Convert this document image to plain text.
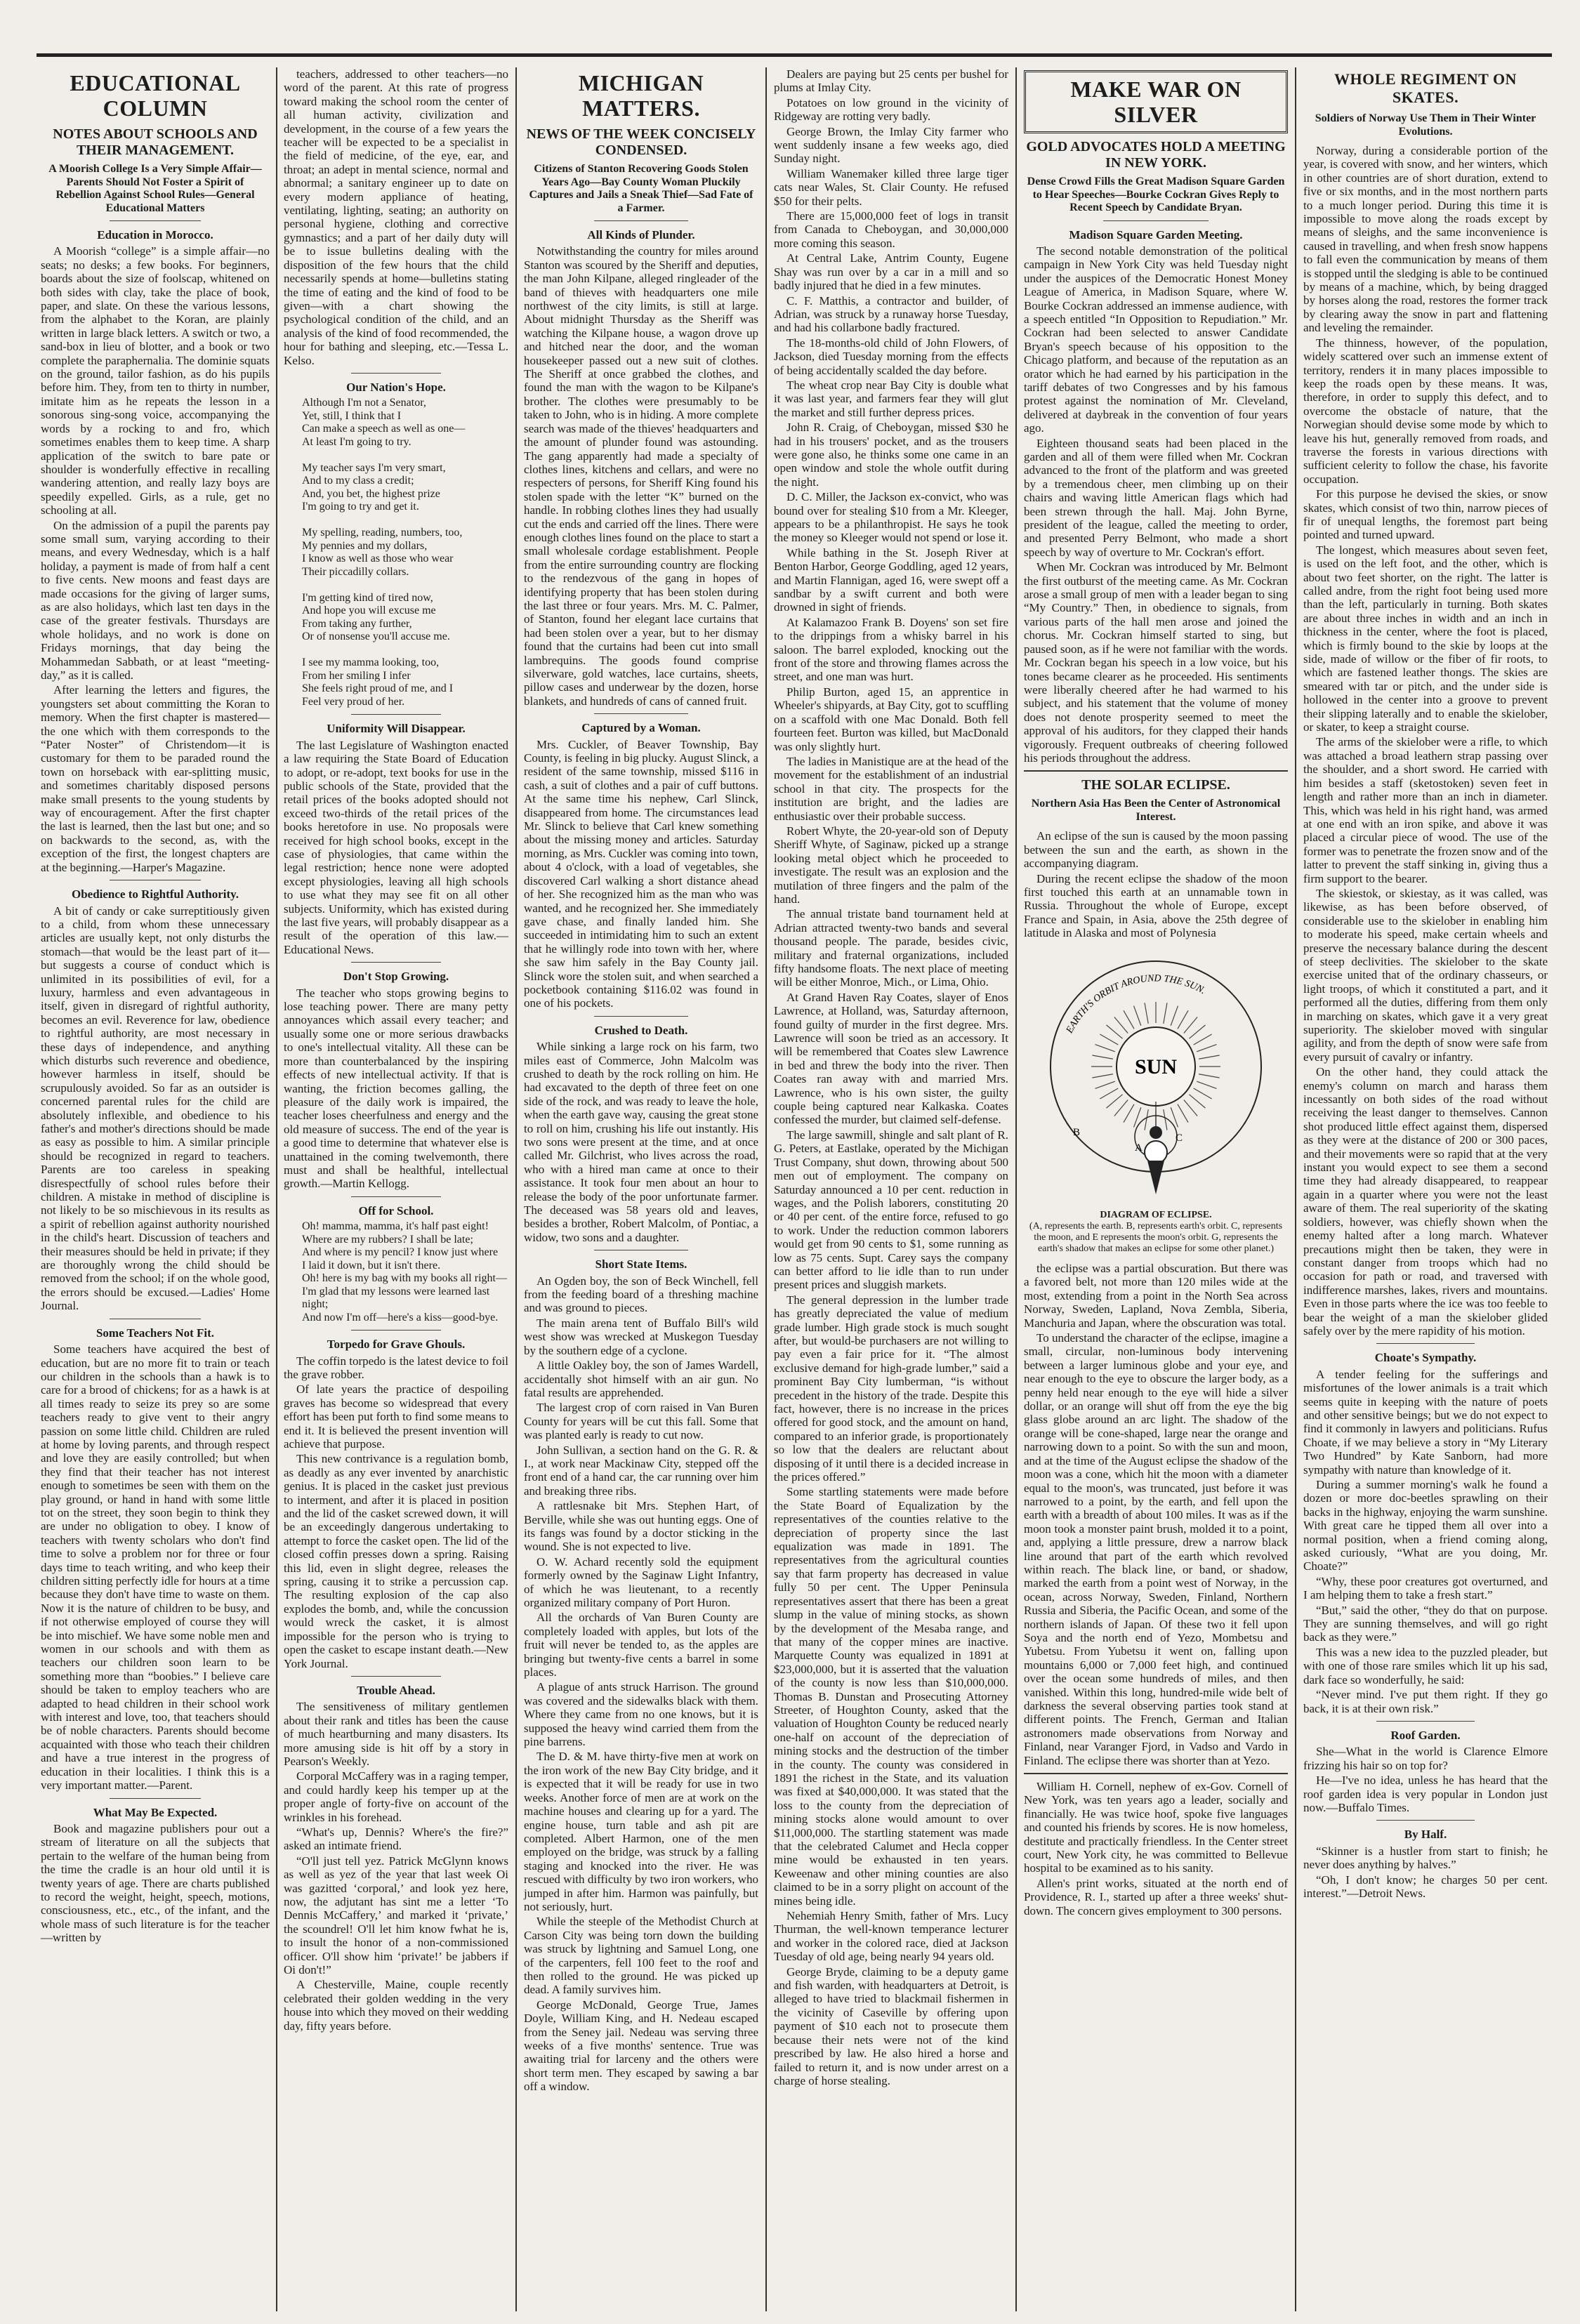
EDUCATIONAL COLUMN
NOTES ABOUT SCHOOLS AND THEIR MANAGEMENT.
A Moorish College Is a Very Simple Affair—Parents Should Not Foster a Spirit of Rebellion Against School Rules—General Educational Matters
Education in Morocco.

A Moorish “college” is a simple affair—no seats; no desks; a few books. For beginners, boards about the size of foolscap, whitened on both sides with clay, take the place of book, paper, and slate. On these the various lessons, from the alphabet to the Koran, are plainly written in large black letters. A switch or two, a sand-box in lieu of blotter, and a book or two complete the paraphernalia. The dominie squats on the ground, tailor fashion, as do his pupils before him. They, from ten to thirty in number, imitate him as he repeats the lesson in a sonorous sing-song voice, accompanying the words by a rocking to and fro, which sometimes enables them to keep time. A sharp application of the switch to bare pate or shoulder is wonderfully effective in recalling wandering attention, and really lazy boys are speedily expelled. Girls, as a rule, get no schooling at all.

On the admission of a pupil the parents pay some small sum, varying according to their means, and every Wednesday, which is a half holiday, a payment is made of from half a cent to five cents. New moons and feast days are made occasions for the giving of larger sums, as are also holidays, which last ten days in the case of the greater festivals. Thursdays are whole holidays, and no work is done on Fridays mornings, that day being the Mohammedan Sabbath, or at least “meeting-day,” as it is called.

After learning the letters and figures, the youngsters set about committing the Koran to memory. When the first chapter is mastered—the one which with them corresponds to the “Pater Noster” of Christendom—it is customary for them to be paraded round the town on horseback with ear-splitting music, and sometimes charitably disposed persons make small presents to the young students by way of encouragement. After the first chapter the last is learned, then the last but one; and so on backwards to the second, as, with the exception of the first, the longest chapters are at the beginning.—Harper's Magazine.

Obedience to Rightful Authority.

A bit of candy or cake surreptitiously given to a child, from whom these unnecessary articles are usually kept, not only disturbs the stomach—that would be the least part of it—but suggests a course of conduct which is unlimited in its possibilities of evil, for a luxury, harmless and even advantageous in itself, given in disregard of rightful authority, becomes an evil. Reverence for law, obedience to rightful authority, are most necessary in these days of independence, and anything which disturbs such reverence and obedience, however harmless in itself, should be scrupulously avoided. So far as an outsider is concerned parental rules for the child are absolutely inflexible, and obedience to his father's and mother's directions should be made as easy as possible to him. A similar principle should be recognized in regard to teachers. Parents are too careless in speaking disrespectfully of school rules before their children. A mistake in method of discipline is not likely to be so mischievous in its results as a spirit of rebellion against authority nourished in the child's heart. Discussion of teachers and their measures should be held in private; if they are thoroughly wrong the child should be removed from the school; if on the whole good, the errors should be excused.—Ladies' Home Journal.

Some Teachers Not Fit.

Some teachers have acquired the best of education, but are no more fit to train or teach our children in the schools than a hawk is to care for a brood of chickens; for as a hawk is at all times ready to seize its prey so are some teachers ready to give vent to their angry passion on some little child. Children are ruled at home by loving parents, and through respect and love they are easily controlled; but when they find that their teacher has not interest enough to sometimes be seen with them on the play ground, or hand in hand with some little tot on the street, they soon begin to think they are under no obligation to obey. I know of teachers with twenty scholars who don't find time to solve a problem nor for three or four days time to teach writing, and who keep their children sitting perfectly idle for hours at a time because they don't have time to waste on them. Now it is the nature of children to be busy, and if not otherwise employed of course they will be into mischief. We have some noble men and women in our schools and with them as teachers our children soon learn to be something more than “boobies.” I believe care should be taken to employ teachers who are adapted to head children in their school work with interest and love, too, that teachers should be of noble characters. Parents should become acquainted with those who teach their children and have a true interest in the progress of education in their localities. I think this is a very important matter.—Parent.

What May Be Expected.

Book and magazine publishers pour out a stream of literature on all the subjects that pertain to the welfare of the human being from the time the cradle is an hour old until it is twenty years of age. There are charts published to record the weight, height, speech, motions, consciousness, etc., etc., of the infant, and the whole mass of such literature is for the teacher—written by

teachers, addressed to other teachers—no word of the parent. At this rate of progress toward making the school room the center of all human activity, civilization and development, in the course of a few years the teacher will be expected to be a specialist in the field of medicine, of the eye, ear, and throat; an adept in mental science, normal and abnormal; a sanitary engineer up to date on every modern appliance of heating, ventilating, lighting, seating; an authority on personal hygiene, clothing and corrective gymnastics; and a part of her daily duty will be to issue bulletins dealing with the disposition of the few hours that the child necessarily spends at home—bulletins stating the time of eating and the kind of food to be given—with a chart showing the psychological condition of the child, and an analysis of the kind of food recommended, the hour for bathing and sleeping, etc.—Tessa L. Kelso.

Our Nation's Hope.
Although I'm not a Senator,
Yet, still, I think that I
Can make a speech as well as one—
At least I'm going to try.

My teacher says I'm very smart,
And to my class a credit;
And, you bet, the highest prize
I'm going to try and get it.

My spelling, reading, numbers, too,
My pennies and my dollars,
I know as well as those who wear
Their piccadilly collars.

I'm getting kind of tired now,
And hope you will excuse me
From taking any further,
Or of nonsense you'll accuse me.

I see my mamma looking, too,
From her smiling I infer
She feels right proud of me, and I
Feel very proud of her.
Uniformity Will Disappear.

The last Legislature of Washington enacted a law requiring the State Board of Education to adopt, or re-adopt, text books for use in the public schools of the State, provided that the retail prices of the books adopted should not exceed two-thirds of the retail prices of the books heretofore in use. No proposals were received for high school books, except in the case of physiologies, that came within the legal restriction; hence none were adopted except physiologies, leaving all high schools to use what they may see fit on all other subjects. Uniformity, which has existed during the last five years, will probably disappear as a result of the operation of this law.—Educational News.

Don't Stop Growing.

The teacher who stops growing begins to lose teaching power. There are many petty annoyances which assail every teacher; and usually some one or more serious drawbacks to one's intellectual vitality. All these can be more than counterbalanced by the inspiring effects of new intellectual activity. If that is wanting, the friction becomes galling, the pleasure of the daily work is impaired, the teacher loses cheerfulness and energy and the old measure of success. The end of the year is a good time to determine that whatever else is unattained in the coming twelvemonth, there must and shall be healthful, intellectual growth.—Martin Kellogg.

Off for School.
Oh! mamma, mamma, it's half past eight!
Where are my rubbers? I shall be late;
And where is my pencil? I know just where
I laid it down, but it isn't there.
Oh! here is my bag with my books all right—
I'm glad that my lessons were learned last night;
And now I'm off—here's a kiss—good-bye.
Torpedo for Grave Ghouls.

The coffin torpedo is the latest device to foil the grave robber.

Of late years the practice of despoiling graves has become so widespread that every effort has been put forth to find some means to end it. It is believed the present invention will achieve that purpose.

This new contrivance is a regulation bomb, as deadly as any ever invented by anarchistic genius. It is placed in the casket just previous to interment, and after it is placed in position and the lid of the casket screwed down, it will be an exceedingly dangerous undertaking to attempt to force the casket open. The lid of the closed coffin presses down a spring. Raising this lid, even in slight degree, releases the spring, causing it to strike a percussion cap. The resulting explosion of the cap also explodes the bomb, and, while the concussion would wreck the casket, it is almost impossible for the person who is trying to open the casket to escape instant death.—New York Journal.

Trouble Ahead.

The sensitiveness of military gentlemen about their rank and titles has been the cause of much heartburning and many disasters. Its more amusing side is hit off by a story in Pearson's Weekly.

Corporal McCaffery was in a raging temper, and could hardly keep his temper up at the proper angle of forty-five on account of the wrinkles in his forehead.

“What's up, Dennis? Where's the fire?” asked an intimate friend.

“O'll just tell yez. Patrick McGlynn knows as well as yez of the year that last week Oi was gazitted ‘corporal,’ and look yez here, now, the adjutant has sint me a letter ‘To Dennis McCaffery,’ and marked it ‘private,’ the scoundrel! O'll let him know fwhat he is, to insult the honor of a non-commissioned officer. O'll show him ‘private!’ be jabbers if Oi don't!”

A Chesterville, Maine, couple recently celebrated their golden wedding in the very house into which they moved on their wedding day, fifty years before.

MICHIGAN MATTERS.
NEWS OF THE WEEK CONCISELY CONDENSED.
Citizens of Stanton Recovering Goods Stolen Years Ago—Bay County Woman Pluckily Captures and Jails a Sneak Thief—Sad Fate of a Farmer.
All Kinds of Plunder.

Notwithstanding the country for miles around Stanton was scoured by the Sheriff and deputies, the man John Kilpane, alleged ringleader of the band of thieves with headquarters one mile northwest of the city limits, is still at large. About midnight Thursday as the Sheriff was watching the Kilpane house, a wagon drove up and hitched near the door, and the woman housekeeper passed out a new suit of clothes. The Sheriff at once grabbed the clothes, and found the man with the wagon to be Kilpane's brother. The clothes were presumably to be taken to John, who is in hiding. A more complete search was made of the thieves' headquarters and the amount of plunder found was astounding. The gang apparently had made a specialty of clothes lines, kitchens and cellars, and were no respecters of persons, for Sheriff King found his stolen spade with the letter “K” burned on the handle. In robbing clothes lines they had usually cut the ends and carried off the lines. There were enough clothes lines found on the place to start a small wholesale cordage establishment. People from the entire surrounding country are flocking to the rendezvous of the gang in hopes of identifying property that has been stolen during the last three or four years. Mrs. M. C. Palmer, of Stanton, found her elegant lace curtains that had been stolen over a year, but to her dismay found that the curtains had been cut into small lambrequins. The goods found comprise silverware, gold watches, lace curtains, sheets, pillow cases and underwear by the dozen, horse blankets, and hundreds of cans of canned fruit.

Captured by a Woman.

Mrs. Cuckler, of Beaver Township, Bay County, is feeling in big plucky. August Slinck, a resident of the same township, missed $116 in cash, a suit of clothes and a pair of cuff buttons. At the same time his nephew, Carl Slinck, disappeared from home. The circumstances lead Mr. Slinck to believe that Carl knew something about the missing money and articles. Saturday morning, as Mrs. Cuckler was coming into town, about 4 o'clock, with a load of vegetables, she discovered Carl walking a short distance ahead of her. She recognized him as the man who was wanted, and he recognized her. She immediately gave chase, and finally landed him. She succeeded in intimidating him to such an extent that he willingly rode into town with her, where she saw him safely in the Bay County jail. Slinck wore the stolen suit, and when searched a pocketbook containing $116.02 was found in one of his pockets.

Crushed to Death.

While sinking a large rock on his farm, two miles east of Commerce, John Malcolm was crushed to death by the rock rolling on him. He had excavated to the depth of three feet on one side of the rock, and was ready to leave the hole, when the earth gave way, causing the great stone to roll on him, crushing his life out instantly. His two sons were present at the time, and at once called Mr. Gilchrist, who lives across the road, who with a hired man came at once to their assistance. It took four men about an hour to release the body of the poor unfortunate farmer. The deceased was 58 years old and leaves, besides a brother, Robert Malcolm, of Pontiac, a widow, two sons and a daughter.

Short State Items.

An Ogden boy, the son of Beck Winchell, fell from the feeding board of a threshing machine and was ground to pieces.

The main arena tent of Buffalo Bill's wild west show was wrecked at Muskegon Tuesday by the southern edge of a cyclone.

A little Oakley boy, the son of James Wardell, accidentally shot himself with an air gun. No fatal results are apprehended.

The largest crop of corn raised in Van Buren County for years will be cut this fall. Some that was planted early is ready to cut now.

John Sullivan, a section hand on the G. R. & I., at work near Mackinaw City, stepped off the front end of a hand car, the car running over him and breaking three ribs.

A rattlesnake bit Mrs. Stephen Hart, of Berville, while she was out hunting eggs. One of its fangs was found by a doctor sticking in the wound. She is not expected to live.

O. W. Achard recently sold the equipment formerly owned by the Saginaw Light Infantry, of which he was lieutenant, to a recently organized military company of Port Huron.

All the orchards of Van Buren County are completely loaded with apples, but lots of the fruit will never be tended to, as the apples are bringing but twenty-five cents a barrel in some places.

A plague of ants struck Harrison. The ground was covered and the sidewalks black with them. Where they came from no one knows, but it is supposed the heavy wind carried them from the pine barrens.

The D. & M. have thirty-five men at work on the iron work of the new Bay City bridge, and it is expected that it will be ready for use in two weeks. Another force of men are at work on the machine houses and clearing up for a yard. The engine house, turn table and ash pit are completed. Albert Harmon, one of the men employed on the bridge, was struck by a falling staging and knocked into the river. He was rescued with difficulty by two iron workers, who jumped in after him. Harmon was painfully, but not seriously, hurt.

While the steeple of the Methodist Church at Carson City was being torn down the building was struck by lightning and Samuel Long, one of the carpenters, fell 100 feet to the roof and then rolled to the ground. He was picked up dead. A family survives him.

George McDonald, George True, James Doyle, William King, and H. Nedeau escaped from the Seney jail. Nedeau was serving three weeks of a five months' sentence. True was awaiting trial for larceny and the others were short term men. They escaped by sawing a bar off a window.

Dealers are paying but 25 cents per bushel for plums at Imlay City.

Potatoes on low ground in the vicinity of Ridgeway are rotting very badly.

George Brown, the Imlay City farmer who went suddenly insane a few weeks ago, died Sunday night.

William Wanemaker killed three large tiger cats near Wales, St. Clair County. He refused $50 for their pelts.

There are 15,000,000 feet of logs in transit from Canada to Cheboygan, and 30,000,000 more coming this season.

At Central Lake, Antrim County, Eugene Shay was run over by a car in a mill and so badly injured that he died in a few minutes.

C. F. Matthis, a contractor and builder, of Adrian, was struck by a runaway horse Tuesday, and had his collarbone badly fractured.

The 18-months-old child of John Flowers, of Jackson, died Tuesday morning from the effects of being accidentally scalded the day before.

The wheat crop near Bay City is double what it was last year, and farmers fear they will glut the market and still further depress prices.

John R. Craig, of Cheboygan, missed $30 he had in his trousers' pocket, and as the trousers were gone also, he thinks some one came in an open window and stole the whole outfit during the night.

D. C. Miller, the Jackson ex-convict, who was bound over for stealing $10 from a Mr. Kleeger, appears to be a philanthropist. He says he took the money so Kleeger would not spend or lose it.

While bathing in the St. Joseph River at Benton Harbor, George Goddling, aged 12 years, and Martin Flannigan, aged 16, were swept off a sandbar by a swift current and both were drowned in sight of friends.

At Kalamazoo Frank B. Doyens' son set fire to the drippings from a whisky barrel in his saloon. The barrel exploded, knocking out the front of the store and throwing flames across the street, and one man was hurt.

Philip Burton, aged 15, an apprentice in Wheeler's shipyards, at Bay City, got to scuffling on a scaffold with one Mac Donald. Both fell fourteen feet. Burton was killed, but MacDonald was only slightly hurt.

The ladies in Manistique are at the head of the movement for the establishment of an industrial school in that city. The prospects for the institution are bright, and the ladies are enthusiastic over their probable success.

Robert Whyte, the 20-year-old son of Deputy Sheriff Whyte, of Saginaw, picked up a strange looking metal object which he proceeded to investigate. The result was an explosion and the mutilation of three fingers and the palm of the hand.

The annual tristate band tournament held at Adrian attracted twenty-two bands and several thousand people. The parade, besides civic, military and fraternal organizations, included fifty handsome floats. The next place of meeting will be either Monroe, Mich., or Lima, Ohio.

At Grand Haven Ray Coates, slayer of Enos Lawrence, at Holland, was, Saturday afternoon, found guilty of murder in the first degree. Mrs. Lawrence will soon be tried as an accessory. It will be remembered that Coates slew Lawrence in bed and threw the body into the river. Then Coates ran away with and married Mrs. Lawrence, who is his own sister, the guilty couple being captured near Kalkaska. Coates confessed the murder, but claimed self-defense.

The large sawmill, shingle and salt plant of R. G. Peters, at Eastlake, operated by the Michigan Trust Company, shut down, throwing about 500 men out of employment. The company on Saturday announced a 10 per cent. reduction in wages, and the Polish laborers, constituting 20 or 40 per cent. of the entire force, refused to go to work. Under the reduction common laborers would get from 90 cents to $1, some running as low as 75 cents. Supt. Carey says the company can better afford to lie idle than to run under present prices and sluggish markets.

The general depression in the lumber trade has greatly depreciated the value of medium grade lumber. High grade stock is much sought after, but would-be purchasers are not willing to pay even a fair price for it. “The almost exclusive demand for high-grade lumber,” said a prominent Bay City lumberman, “is without precedent in the history of the trade. Despite this fact, however, there is no increase in the prices offered for good stock, and the amount on hand, compared to an inferior grade, is proportionately so low that the dealers are reluctant about disposing of it until there is a decided increase in the prices offered.”

Some startling statements were made before the State Board of Equalization by the representatives of the counties relative to the depreciation of property since the last equalization was made in 1891. The representatives from the agricultural counties say that farm property has decreased in value fully 50 per cent. The Upper Peninsula representatives assert that there has been a great slump in the value of mining stocks, as shown by the development of the Mesaba range, and that many of the copper mines are inactive. Marquette County was equalized in 1891 at $23,000,000, but it is asserted that the valuation of the county is now less than $10,000,000. Thomas B. Dunstan and Prosecuting Attorney Streeter, of Houghton County, asked that the valuation of Houghton County be reduced nearly one-half on account of the depreciation of mining stocks and the destruction of the timber in the county. The county was considered in 1891 the richest in the State, and its valuation was fixed at $40,000,000. It was stated that the loss to the county from the depreciation of mining stocks alone would amount to over $11,000,000. The startling statement was made that the celebrated Calumet and Hecla copper mine would be exhausted in ten years. Keweenaw and other mining counties are also claimed to be in a sorry plight on account of the mines being idle.

Nehemiah Henry Smith, father of Mrs. Lucy Thurman, the well-known temperance lecturer and worker in the colored race, died at Jackson Tuesday of old age, being nearly 94 years old.

George Bryde, claiming to be a deputy game and fish warden, with headquarters at Detroit, is alleged to have tried to blackmail fishermen in the vicinity of Caseville by offering upon payment of $10 each not to prosecute them because their nets were not of the kind prescribed by law. He also hired a horse and failed to return it, and is now under arrest on a charge of horse stealing.

MAKE WAR ON SILVER
GOLD ADVOCATES HOLD A MEETING IN NEW YORK.
Dense Crowd Fills the Great Madison Square Garden to Hear Speeches—Bourke Cockran Gives Reply to Recent Speech by Candidate Bryan.
Madison Square Garden Meeting.

The second notable demonstration of the political campaign in New York City was held Tuesday night under the auspices of the Democratic Honest Money League of America, in Madison Square, where W. Bourke Cockran addressed an immense audience, with a speech entitled “In Opposition to Repudiation.” Mr. Cockran had been selected to answer Candidate Bryan's speech because of his opposition to the Chicago platform, and because of the reputation as an orator which he had earned by his participation in the tariff debates of two Congresses and by his famous protest against the nomination of Mr. Cleveland, delivered at daybreak in the convention of four years ago.

Eighteen thousand seats had been placed in the garden and all of them were filled when Mr. Cockran advanced to the front of the platform and was greeted by a tremendous cheer, men climbing up on their chairs and waving little American flags which had been strewn through the hall. Maj. John Byrne, president of the league, called the meeting to order, and presented Perry Belmont, who made a short speech by way of overture to Mr. Cockran's effort.

When Mr. Cockran was introduced by Mr. Belmont the first outburst of the meeting came. As Mr. Cockran arose a small group of men with a leader began to sing “My Country.” Then, in obedience to signals, from various parts of the hall men arose and joined the chorus. Mr. Cockran himself started to sing, but paused soon, as if he were not familiar with the words. Mr. Cockran began his speech in a low voice, but his tones became clearer as he proceeded. His sentiments were liberally cheered after he had warmed to his subject, and his statement that the volume of money does not denote prosperity seemed to meet the approval of his auditors, for they clapped their hands vigorously. Frequent outbreaks of cheering followed his periods throughout the address.

THE SOLAR ECLIPSE.
Northern Asia Has Been the Center of Astronomical Interest.

An eclipse of the sun is caused by the moon passing between the sun and the earth, as shown in the accompanying diagram.

During the recent eclipse the shadow of the moon first touched this earth at an unnamable town in Russia. Throughout the whole of Europe, except France and Spain, in Asia, above the 25th degree of latitude in Alaska and most of Polynesia

EARTH'S ORBIT AROUND THE SUN.
SUN
A
B	C
DIAGRAM OF ECLIPSE.
(A, represents the earth. B, represents earth's orbit. C, represents the moon, and E represents the moon's orbit. G, represents the earth's shadow that makes an eclipse for some other planet.)

the eclipse was a partial obscuration. But there was a favored belt, not more than 120 miles wide at the most, extending from a point in the North Sea across Norway, Sweden, Lapland, Nova Zembla, Siberia, Manchuria and Japan, where the obscuration was total.

To understand the character of the eclipse, imagine a small, circular, non-luminous body intervening between a larger luminous globe and your eye, and near enough to the eye to obscure the larger body, as a penny held near enough to the eye will hide a silver dollar, or an orange will shut off from the eye the big glass globe around an arc light. The shadow of the orange will be cone-shaped, large near the orange and narrowing down to a point. So with the sun and moon, and at the time of the August eclipse the shadow of the moon was a cone, which hit the moon with a diameter equal to the moon's, was truncated, just before it was narrowed to a point, by the earth, and fell upon the earth with a breadth of about 100 miles. It was as if the moon took a monster paint brush, molded it to a point, and, applying a little pressure, drew a narrow black line around that part of the earth which revolved within reach. The black line, or band, or shadow, marked the earth from a point west of Norway, in the ocean, across Norway, Sweden, Finland, Northern Russia and Siberia, the Pacific Ocean, and some of the northern islands of Japan. Of these two it fell upon Soya and the north end of Yezo, Mombetsu and Yubetsu. From Yubetsu it went on, falling upon mountains 6,000 or 7,000 feet high, and continued over the ocean some hundreds of miles, and then vanished. Within this long, hundred-mile wide belt of darkness the several observing parties took stand at different points. The French, German and Italian astronomers made observations from Norway and Finland, near Varanger Fjord, in Vadso and Vardo in Finland. The eclipse there was shorter than at Yezo.

William H. Cornell, nephew of ex-Gov. Cornell of New York, was ten years ago a leader, socially and financially. He was twice hoof, spoke five languages and counted his friends by scores. He is now homeless, destitute and practically friendless. In the Center street court, New York city, he was committed to Bellevue hospital to be examined as to his sanity.

Allen's print works, situated at the north end of Providence, R. I., started up after a three weeks' shut-down. The concern gives employment to 300 persons.

WHOLE REGIMENT ON SKATES.
Soldiers of Norway Use Them in Their Winter Evolutions.

Norway, during a considerable portion of the year, is covered with snow, and her winters, which in other countries are of short duration, extend to five or six months, and in the most northern parts to a much longer period. During this time it is impossible to move along the roads except by means of sleighs, and the same inconvenience is caused in travelling, and when fresh snow happens to fall even the communication by means of them is stopped until the sledging is able to be continued by means of a machine, which, by being dragged by horses along the road, restores the former track by clearing away the snow in part and flattening and leveling the remainder.

The thinness, however, of the population, widely scattered over such an immense extent of territory, renders it in many places impossible to keep the roads open by these means. It was, therefore, in order to supply this defect, and to overcome the obstacle of nature, that the Norwegian should devise some mode by which to leave his hut, generally removed from roads, and traverse the forests in various directions with sufficient celerity to follow the chase, his favorite occupation.

For this purpose he devised the skies, or snow skates, which consist of two thin, narrow pieces of fir of unequal lengths, the foremost part being pointed and turned upward.

The longest, which measures about seven feet, is used on the left foot, and the other, which is about two feet shorter, on the right. The latter is called andre, from the right foot being used more than the left, particularly in turning. Both skates are about three inches in width and an inch in thickness in the center, where the foot is placed, which is firmly bound to the skie by loops at the side, made of willow or the fiber of fir roots, to which are fastened leather thongs. The skies are smeared with tar or pitch, and the under side is hollowed in the center into a groove to prevent their slipping laterally and to enable the skielober, or skater, to keep a straight course.

The arms of the skielober were a rifle, to which was attached a broad leathern strap passing over the shoulder, and a short sword. He carried with him besides a staff (sketostoken) seven feet in length and rather more than an inch in diameter. This, which was held in his right hand, was armed at one end with an iron spike, and above it was placed a circular piece of wood. The use of the former was to penetrate the frozen snow and of the latter to prevent the staff sinking in, giving thus a firm support to the bearer.

The skiestok, or skiestay, as it was called, was likewise, as has been before observed, of considerable use to the skielober in enabling him to moderate his speed, make certain wheels and preserve the necessary balance during the descent of steep declivities. The skielober to the skate exercise united that of the ordinary chasseurs, or light troops, of which it constituted a part, and it performed all the duties, differing from them only in marching on skates, which gave it a very great superiority. The skielober moved with singular agility, and from the depth of snow were safe from every pursuit of cavalry or infantry.

On the other hand, they could attack the enemy's column on march and harass them incessantly on both sides of the road without receiving the least danger to themselves. Cannon shot produced little effect against them, dispersed as they were at the distance of 200 or 300 paces, and their movements were so rapid that at the very instant you would expect to see them a second time they had already disappeared, to reappear again in a quarter where you were not the least aware of them. The real superiority of the skating soldiers, however, was chiefly shown when the enemy halted after a long march. Whatever precautions might then be taken, they were in constant danger from troops which had no occasion for path or road, and traversed with indifference marshes, lakes, rivers and mountains. Even in those parts where the ice was too feeble to bear the weight of a man the skielober glided safely over by the mere rapidity of his motion.

Choate's Sympathy.

A tender feeling for the sufferings and misfortunes of the lower animals is a trait which seems quite in keeping with the nature of poets and other sensitive beings; but we do not expect to find it commonly in lawyers and politicians. Rufus Choate, if we may believe a story in “My Literary Two Hundred” by Kate Sanborn, had more sympathy with nature than knowledge of it.

During a summer morning's walk he found a dozen or more doc-beetles sprawling on their backs in the highway, enjoying the warm sunshine. With great care he tipped them all over into a normal position, when a friend coming along, asked curiously, “What are you doing, Mr. Choate?”

“Why, these poor creatures got overturned, and I am helping them to take a fresh start.”

“But,” said the other, “they do that on purpose. They are sunning themselves, and will go right back as they were.”

This was a new idea to the puzzled pleader, but with one of those rare smiles which lit up his sad, dark face so wonderfully, he said:

“Never mind. I've put them right. If they go back, it is at their own risk.”

Roof Garden.

She—What in the world is Clarence Elmore frizzing his hair so on top for?

He—I've no idea, unless he has heard that the roof garden idea is very popular in London just now.—Buffalo Times.

By Half.

“Skinner is a hustler from start to finish; he never does anything by halves.”

“Oh, I don't know; he charges 50 per cent. interest.”—Detroit News.
